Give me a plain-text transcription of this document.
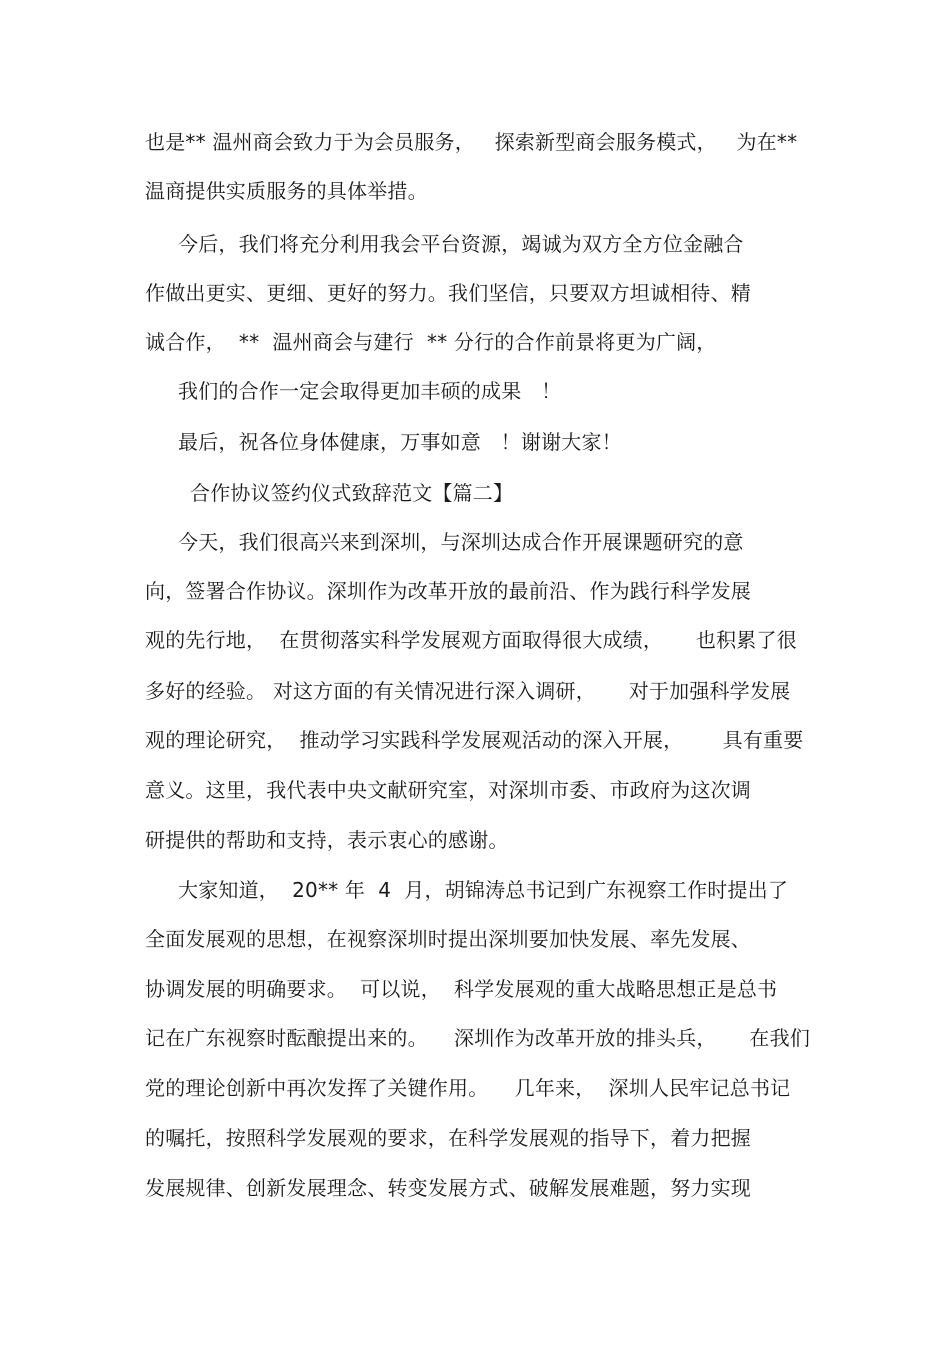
也是** 温州商会致力于为会员服务，   探索新型商会服务模式，   为在**
温商提供实质服务的具体举措。
今后，我们将充分利用我会平台资源，竭诚为双方全方位金融合
作做出更实、更细、更好的努力。我们坚信，只要双方坦诚相待、精
诚合作，  **  温州商会与建行  ** 分行的合作前景将更为广阔，
我们的合作一定会取得更加丰硕的成果   ！
最后，祝各位身体健康，万事如意   ！谢谢大家！
合作协议签约仪式致辞范文【篇二】
今天，我们很高兴来到深圳，与深圳达成合作开展课题研究的意
向，签署合作协议。深圳作为改革开放的最前沿、作为践行科学发展
观的先行地，  在贯彻落实科学发展观方面取得很大成绩，     也积累了很
多好的经验。 对这方面的有关情况进行深入调研，     对于加强科学发展
观的理论研究，  推动学习实践科学发展观活动的深入开展，      具有重要
意义。这里，我代表中央文献研究室，对深圳市委、市政府为这次调
研提供的帮助和支持，表示衷心的感谢。
大家知道，  20** 年  4  月，胡锦涛总书记到广东视察工作时提出了
全面发展观的思想，在视察深圳时提出深圳要加快发展、率先发展、
协调发展的明确要求。  可以说，  科学发展观的重大战略思想正是总书
记在广东视察时酝酿提出来的。    深圳作为改革开放的排头兵，     在我们
党的理论创新中再次发挥了关键作用。    几年来，  深圳人民牢记总书记
的嘱托，按照科学发展观的要求，在科学发展观的指导下，着力把握
发展规律、创新发展理念、转变发展方式、破解发展难题，努力实现
